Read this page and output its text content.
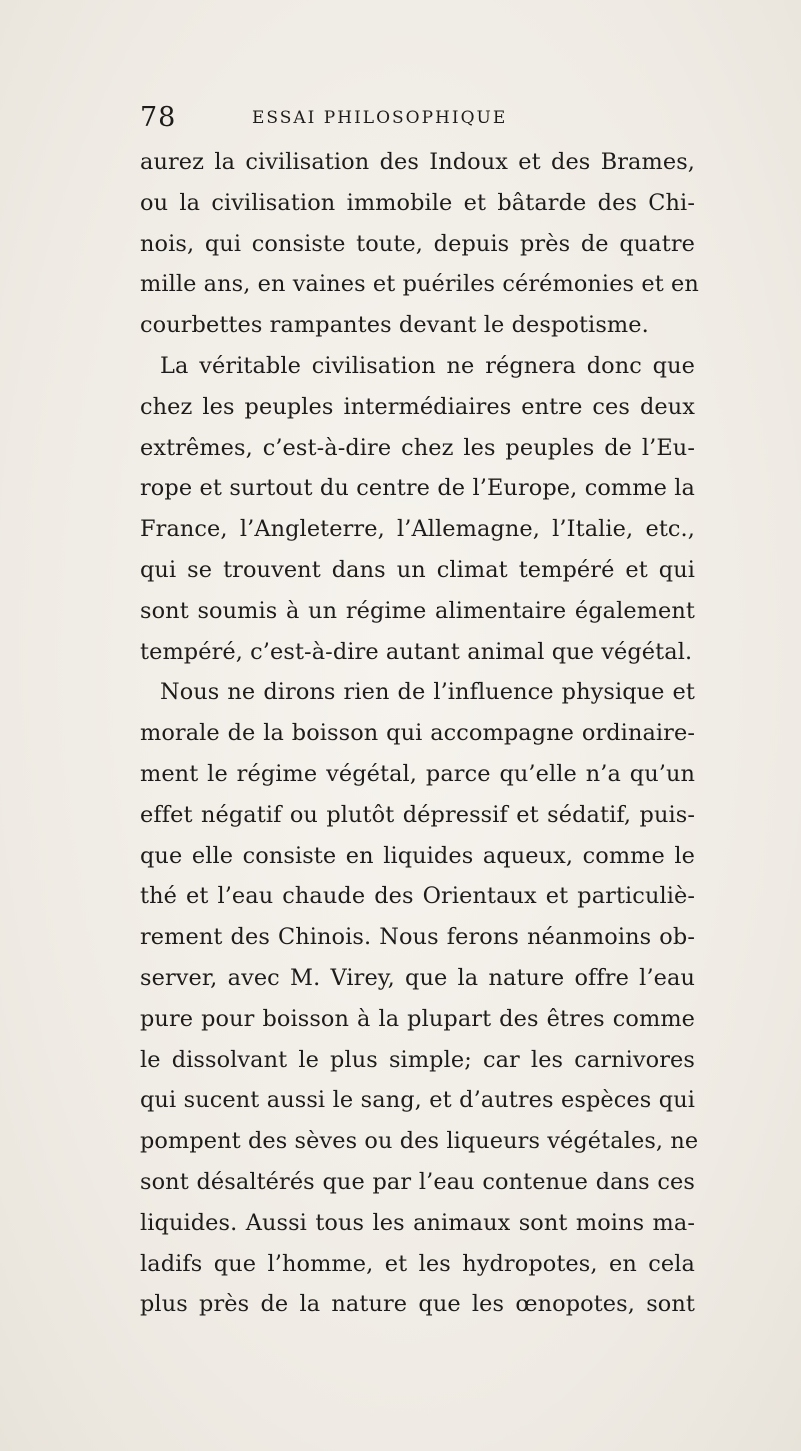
78	ESSAI PHILOSOPHIQUE
aurez la civilisation des Indoux et des Brames,
ou la civilisation immobile et bâtarde des Chi-
nois, qui consiste toute, depuis près de quatre
mille ans, en vaines et puériles cérémonies et en
courbettes rampantes devant le despotisme.
La véritable civilisation ne régnera donc que
chez les peuples intermédiaires entre ces deux
extrêmes, c’est-à-dire chez les peuples de l’Eu-
rope et surtout du centre de l’Europe, comme la
France, l’Angleterre, l’Allemagne, l’Italie, etc.,
qui se trouvent dans un climat tempéré et qui
sont soumis à un régime alimentaire également
tempéré, c’est-à-dire autant animal que végétal.
Nous ne dirons rien de l’influence physique et
morale de la boisson qui accompagne ordinaire-
ment le régime végétal, parce qu’elle n’a qu’un
effet négatif ou plutôt dépressif et sédatif, puis-
que elle consiste en liquides aqueux, comme le
thé et l’eau chaude des Orientaux et particuliè-
rement des Chinois. Nous ferons néanmoins ob-
server, avec M. Virey, que la nature offre l’eau
pure pour boisson à la plupart des êtres comme
le dissolvant le plus simple; car les carnivores
qui sucent aussi le sang, et d’autres espèces qui
pompent des sèves ou des liqueurs végétales, ne
sont désaltérés que par l’eau contenue dans ces
liquides. Aussi tous les animaux sont moins ma-
ladifs que l’homme, et les hydropotes, en cela
plus près de la nature que les œnopotes, sont
